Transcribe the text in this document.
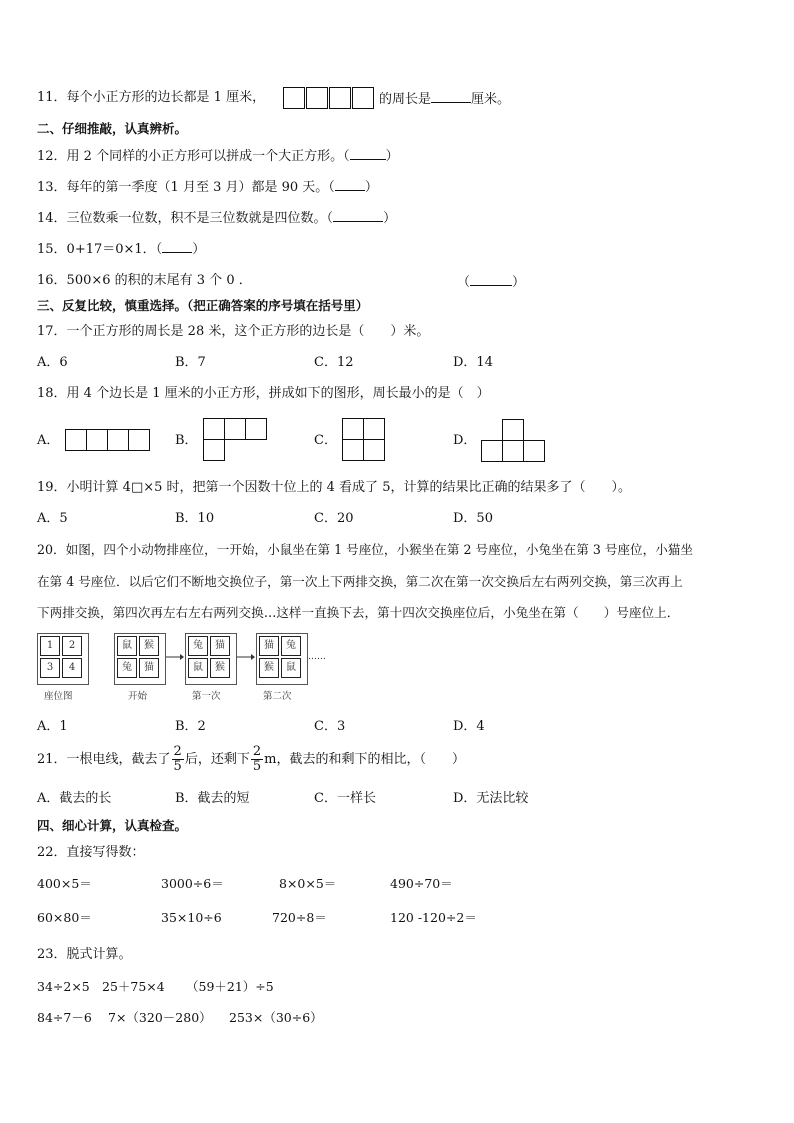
11．每个小正方形的边长都是 1 厘米，	的周长是	厘米。
二、仔细推敲，认真辨析。
12．用 2 个同样的小正方形可以拼成一个大正方形。（	）
13．每年的第一季度（1 月至 3 月）都是 90 天。（ ）
14．三位数乘一位数，积不是三位数就是四位数。（	）
15．0+17＝0×1．（ ）
16．500×6 的积的末尾有 3 个 0 ．	（	）
三、反复比较，慎重选择。（把正确答案的序号填在括号里）
17．一个正方形的周长是 28 米，这个正方形的边长是（　　）米。
A．6	B．7	C．12	D．14
18．用 4 个边长是 1 厘米的小正方形，拼成如下的图形，周长最小的是（　）
A．	B．	C．	D．
19．小明计算 4□×5 时，把第一个因数十位上的 4 看成了 5，计算的结果比正确的结果多了（　　）。
A．5	B．10	C．20	D．50
20．如图，四个小动物排座位，一开始，小鼠坐在第 1 号座位，小猴坐在第 2 号座位，小兔坐在第 3 号座位，小猫坐
在第 4 号座位．以后它们不断地交换位子，第一次上下两排交换，第二次在第一次交换后左右两列交换，第三次再上
下两排交换，第四次再左右左右两列交换…这样一直换下去，第十四次交换座位后，小兔坐在第（　　）号座位上．
1	2
3	4
座位图
鼠	猴
兔	猫
开始
兔	猫
鼠	猴
第一次
猫	兔
猴	鼠
第二次
……
A．1	B．2	C．3	D．4
21．一根电线，截去了 $\frac{2}{5}$ 后，还剩下 $\frac{2}{5}$ m，截去的和剩下的相比，（　　）
A．截去的长	B．截去的短	C．一样长	D．无法比较
四、细心计算，认真检查。
22．直接写得数：
400×5＝	3000÷6＝	8×0×5＝	490÷70＝
60×80＝	35×10÷6	720÷8＝	120 -120÷2＝
23．脱式计算。
34÷2×5 25＋75×4 （59＋21）÷5
84÷7－6 7×（320－280） 253×（30÷6）
